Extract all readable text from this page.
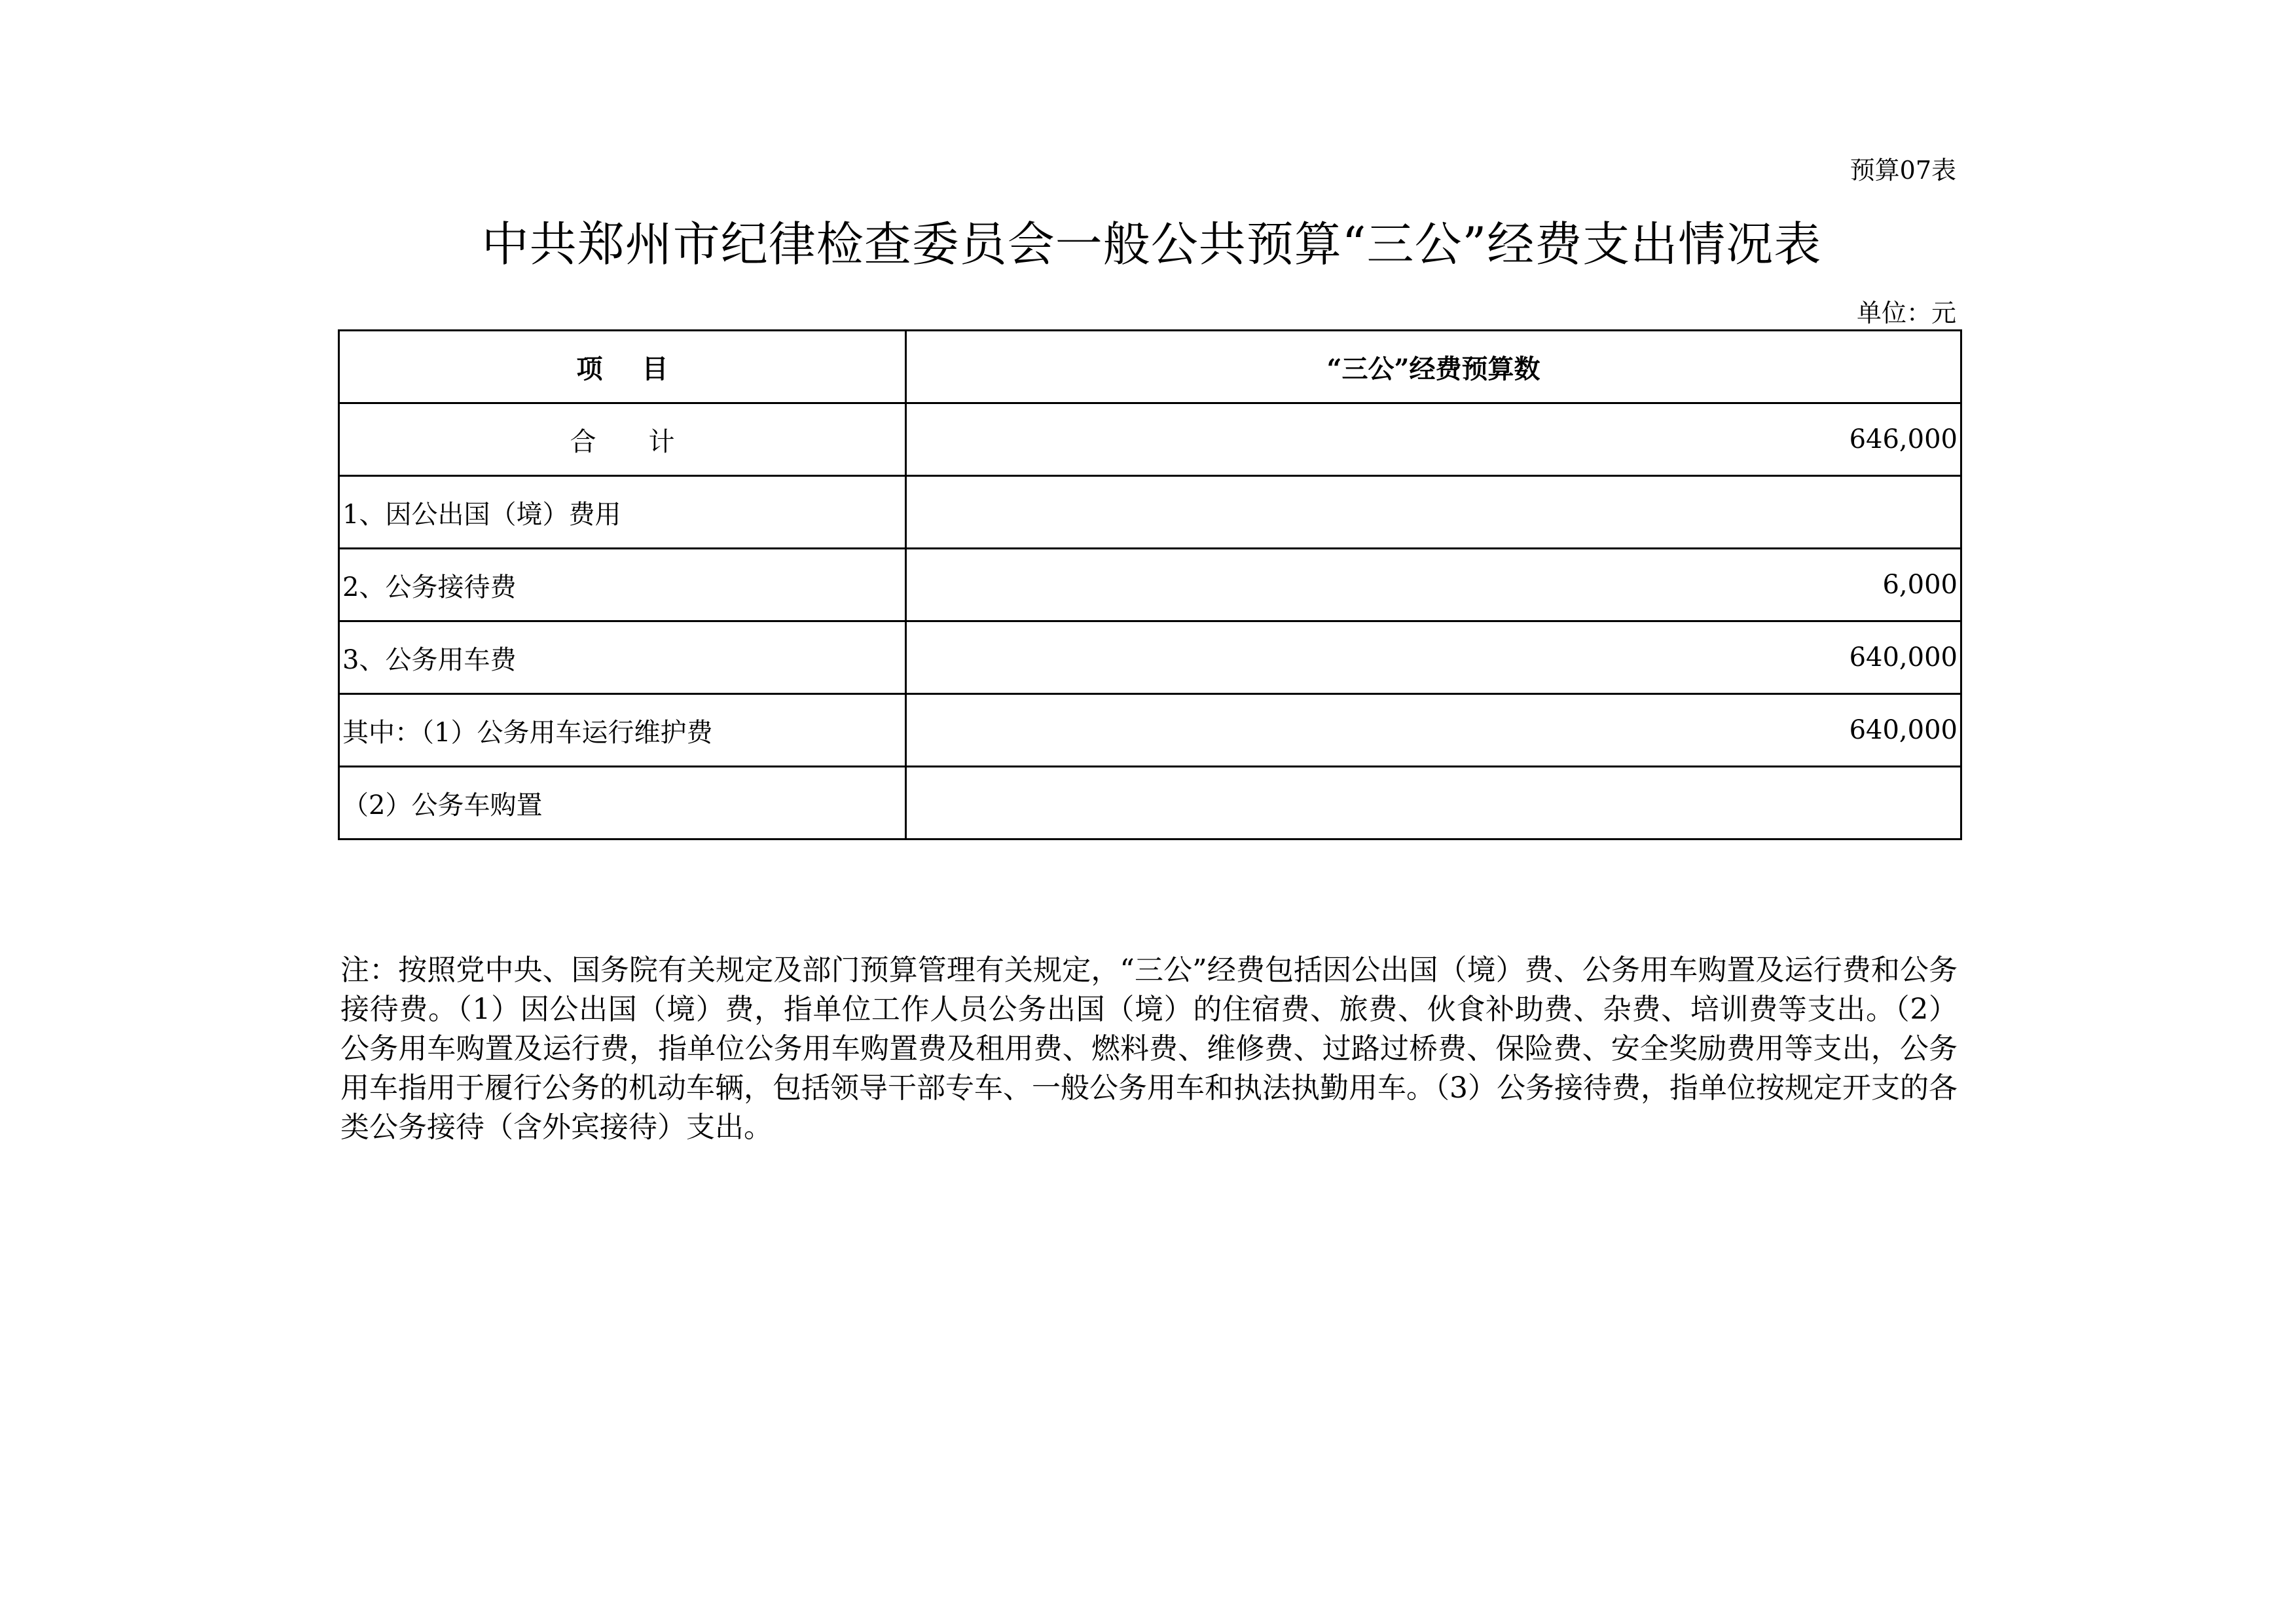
预算07表
中共郑州市纪律检查委员会一般公共预算“三公”经费支出情况表
单位：元
项目	“三公”经费预算数
合计	646,000
1、因公出国（境）费用	
2、公务接待费	6,000
3、公务用车费	640,000
其中：（1）公务用车运行维护费	640,000
（2）公务车购置	
注：按照党中央、国务院有关规定及部门预算管理有关规定，“三公”经费包括因公出国（境）费、公务用车购置及运行费和公务接待费。（1）因公出国（境）费，指单位工作人员公务出国（境）的住宿费、旅费、伙食补助费、杂费、培训费等支出。（2）公务用车购置及运行费，指单位公务用车购置费及租用费、燃料费、维修费、过路过桥费、保险费、安全奖励费用等支出，公务用车指用于履行公务的机动车辆，包括领导干部专车、一般公务用车和执法执勤用车。（3）公务接待费，指单位按规定开支的各类公务接待（含外宾接待）支出。
